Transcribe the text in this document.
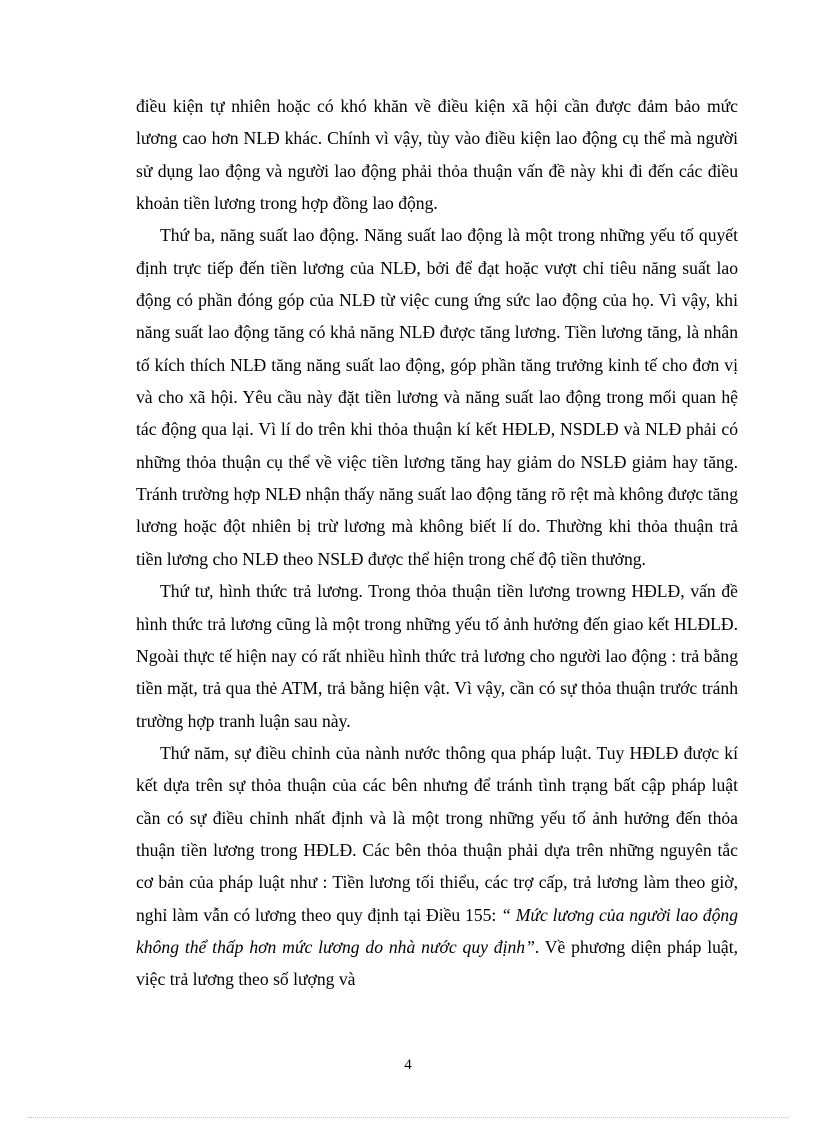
điều kiện tự nhiên hoặc có khó khăn về điều kiện xã hội cần được đảm bảo mức lương cao hơn NLĐ khác. Chính vì vậy, tùy vào điều kiện lao động cụ thể mà người sử dụng lao động và người lao động phải thỏa thuận vấn đề này khi đi đến các điều khoản tiền lương trong hợp đồng lao động.

Thứ ba, năng suất lao động. Năng suất lao động là một trong những yếu tố quyết định trực tiếp đến tiền lương của NLĐ, bởi để đạt hoặc vượt chỉ tiêu năng suất lao động có phần đóng góp của NLĐ từ việc cung ứng sức lao động của họ. Vì vậy, khi năng suất lao động tăng có khả năng NLĐ được tăng lương. Tiền lương tăng, là nhân tố kích thích NLĐ tăng năng suất lao động, góp phần tăng trưởng kinh tế cho đơn vị và cho xã hội. Yêu cầu này đặt tiền lương và năng suất lao động trong mối quan hệ tác động qua lại. Vì lí do trên khi thỏa thuận kí kết HĐLĐ, NSDLĐ và NLĐ phải có những thỏa thuận cụ thể về việc tiền lương tăng hay giảm do NSLĐ giảm hay tăng. Tránh trường hợp NLĐ nhận thấy năng suất lao động tăng rõ rệt mà không được tăng lương hoặc đột nhiên bị trừ lương mà không biết lí do. Thường khi thỏa thuận trả tiền lương cho NLĐ theo NSLĐ được thể hiện trong chế độ tiền thưởng.

Thứ tư, hình thức trả lương. Trong thỏa thuận tiền lương trowng HĐLĐ, vấn đề hình thức trả lương cũng là một trong những yếu tố ảnh hưởng đến giao kết HLĐLĐ. Ngoài thực tế hiện nay có rất nhiều hình thức trả lương cho người lao động : trả bằng tiền mặt, trả qua thẻ ATM, trả bằng hiện vật. Vì vậy, cần có sự thỏa thuận trước tránh trường hợp tranh luận sau này.

Thứ năm, sự điều chỉnh của nành nước thông qua pháp luật. Tuy HĐLĐ được kí kết dựa trên sự thỏa thuận của các bên nhưng để tránh tình trạng bất cập pháp luật cần có sự điều chỉnh nhất định và là một trong những yếu tố ảnh hưởng đến thỏa thuận tiền lương trong HĐLĐ. Các bên thỏa thuận phải dựa trên những nguyên tắc cơ bản của pháp luật như : Tiền lương tối thiểu, các trợ cấp, trả lương làm theo giờ, nghỉ làm vẫn có lương theo quy định tại Điều 155: “ Mức lương của người lao động không thể thấp hơn mức lương do nhà nước quy định”. Về phương diện pháp luật, việc trả lương theo số lượng và

4
